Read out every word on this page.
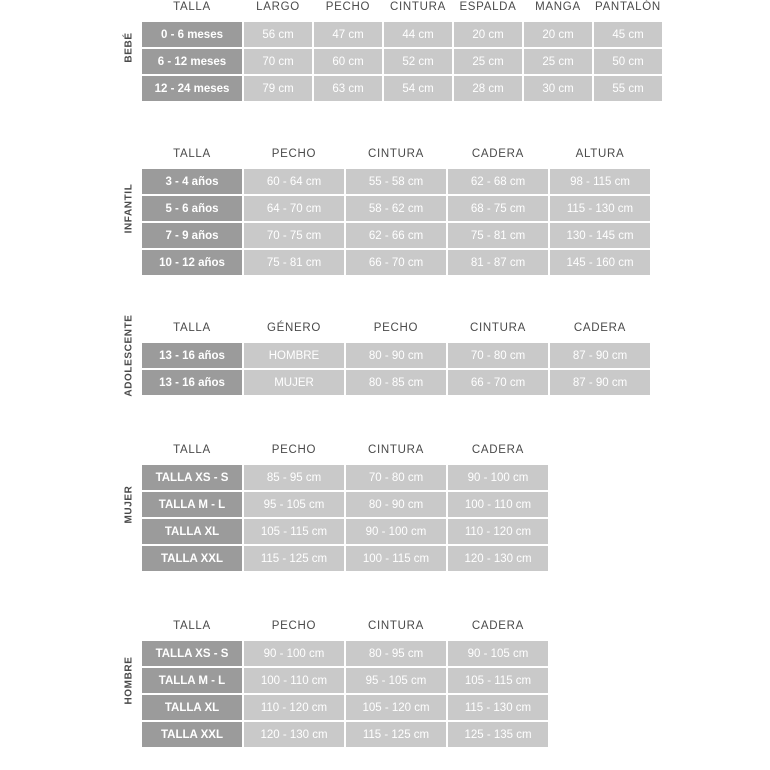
BEBÉ
TALLA	LARGO	PECHO	CINTURA	ESPALDA	MANGA	PANTALÓN
0 - 6 meses	56 cm	47 cm	44 cm	20 cm	20 cm	45 cm
6 - 12 meses	70 cm	60 cm	52 cm	25 cm	25 cm	50 cm
12 - 24 meses	79 cm	63 cm	54 cm	28 cm	30 cm	55 cm
INFANTIL
TALLA	PECHO	CINTURA	CADERA	ALTURA
3 - 4 años	60 - 64 cm	55 - 58 cm	62 - 68 cm	98 - 115 cm
5 - 6 años	64 - 70 cm	58 - 62 cm	68 - 75 cm	115 - 130 cm
7 - 9 años	70 - 75 cm	62 - 66 cm	75 - 81 cm	130 - 145 cm
10 - 12 años	75 - 81 cm	66 - 70 cm	81 - 87 cm	145 - 160 cm
ADOLESCENTE	TALLA	GÉNERO	PECHO	CINTURA	CADERA
13 - 16 años	HOMBRE	80 - 90 cm	70 - 80 cm	87 - 90 cm
13 - 16 años	MUJER	80 - 85 cm	66 - 70 cm	87 - 90 cm
MUJER
TALLA	PECHO	CINTURA	CADERA
TALLA XS - S	85 - 95 cm	70 - 80 cm	90 - 100 cm
TALLA M - L	95 - 105 cm	80 - 90 cm	100 - 110 cm
TALLA XL	105 - 115 cm	90 - 100 cm	110 - 120 cm
TALLA XXL	115 - 125 cm	100 - 115 cm	120 - 130 cm
HOMBRE
TALLA	PECHO	CINTURA	CADERA
TALLA XS - S	90 - 100 cm	80 - 95 cm	90 - 105 cm
TALLA M - L	100 - 110 cm	95 - 105 cm	105 - 115 cm
TALLA XL	110 - 120 cm	105 - 120 cm	115 - 130 cm
TALLA XXL	120 - 130 cm	115 - 125 cm	125 - 135 cm
